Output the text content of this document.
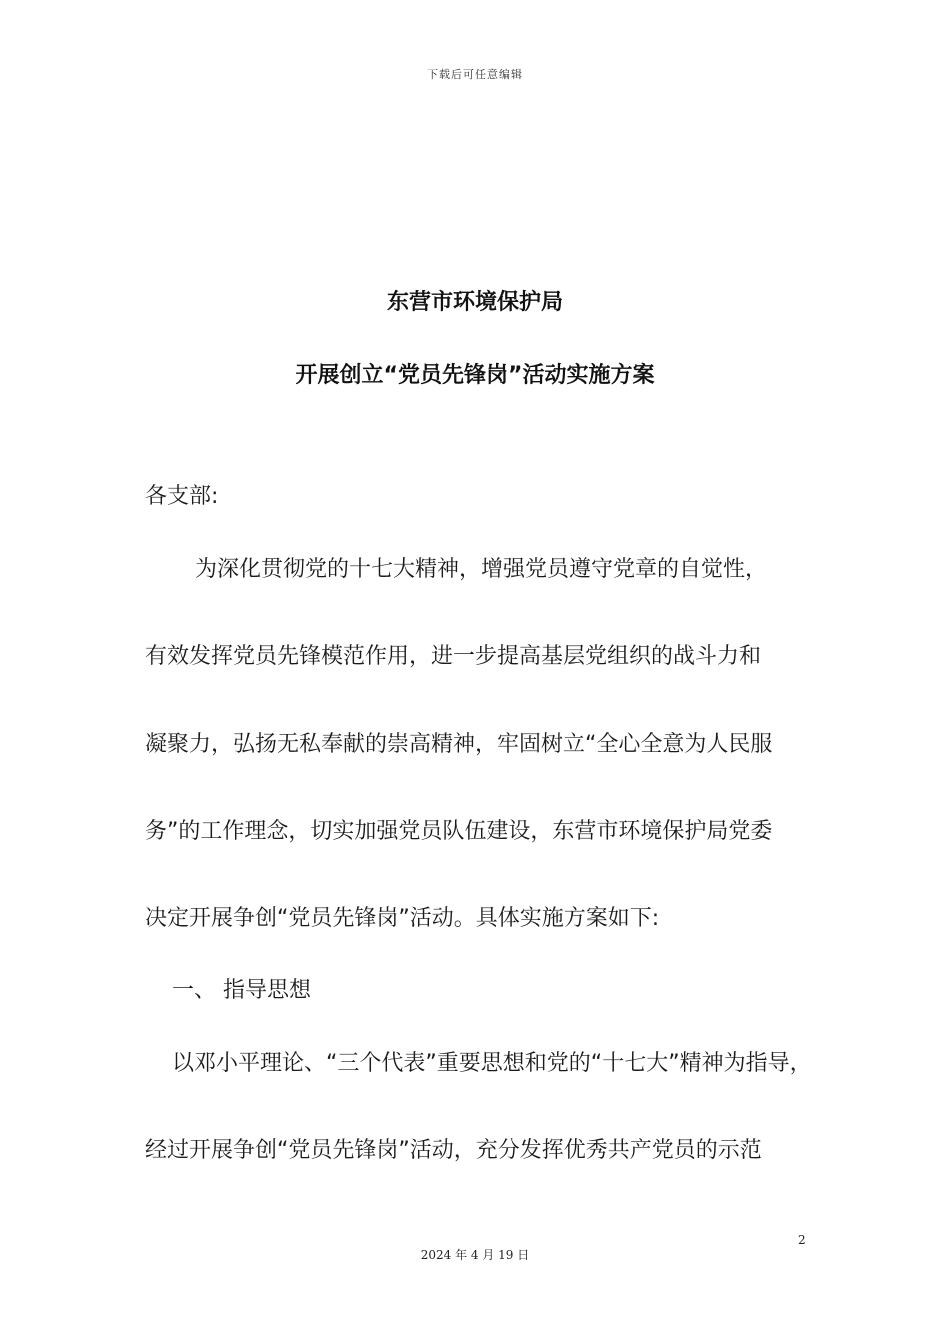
下载后可任意编辑
东营市环境保护局
开展创立“党员先锋岗”活动实施方案
各支部:
为深化贯彻党的十七大精神，增强党员遵守党章的自觉性，
有效发挥党员先锋模范作用，进一步提高基层党组织的战斗力和
凝聚力，弘扬无私奉献的崇高精神，牢固树立“全心全意为人民服
务”的工作理念，切实加强党员队伍建设，东营市环境保护局党委
决定开展争创“党员先锋岗”活动。具体实施方案如下:
一、 指导思想
以邓小平理论、“三个代表”重要思想和党的“十七大”精神为指导，
经过开展争创“党员先锋岗”活动，充分发挥优秀共产党员的示范
2
2024 年 4 月 19 日
